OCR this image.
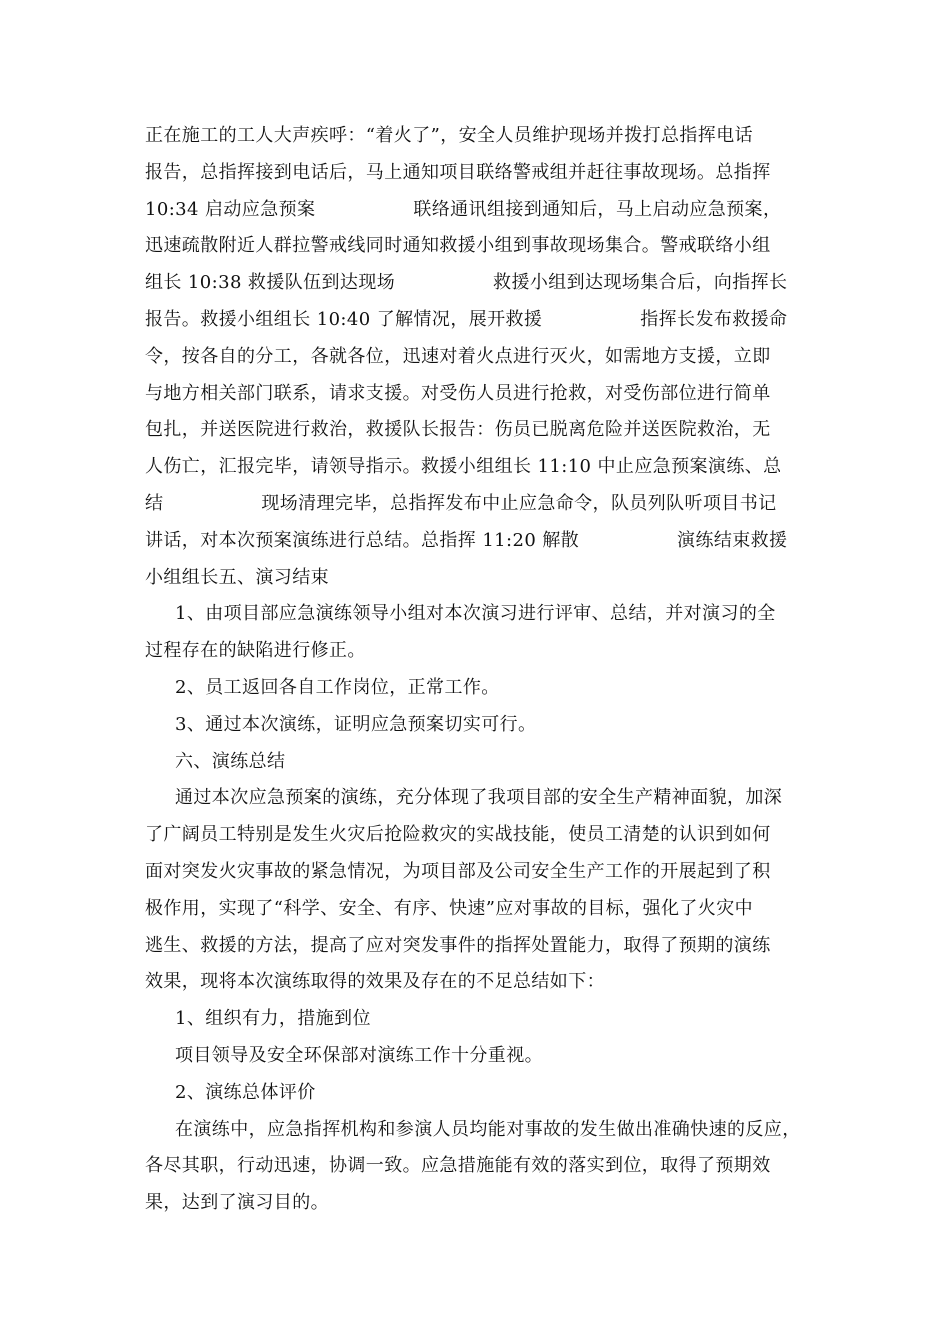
正在施工的工人大声疾呼：“着火了”，安全人员维护现场并拨打总指挥电话
报告，总指挥接到电话后，马上通知项目联络警戒组并赶往事故现场。总指挥
10:34 启动应急预案                联络通讯组接到通知后，马上启动应急预案，
迅速疏散附近人群拉警戒线同时通知救援小组到事故现场集合。警戒联络小组
组长 10:38 救援队伍到达现场                救援小组到达现场集合后，向指挥长
报告。救援小组组长 10:40 了解情况，展开救援                指挥长发布救援命
令，按各自的分工，各就各位，迅速对着火点进行灭火，如需地方支援，立即
与地方相关部门联系，请求支援。对受伤人员进行抢救，对受伤部位进行简单
包扎，并送医院进行救治，救援队长报告：伤员已脱离危险并送医院救治，无
人伤亡，汇报完毕，请领导指示。救援小组组长 11:10 中止应急预案演练、总
结                现场清理完毕，总指挥发布中止应急命令，队员列队听项目书记
讲话，对本次预案演练进行总结。总指挥 11:20 解散                演练结束救援
小组组长五、演习结束
1、由项目部应急演练领导小组对本次演习进行评审、总结，并对演习的全
过程存在的缺陷进行修正。
2、员工返回各自工作岗位，正常工作。
3、通过本次演练，证明应急预案切实可行。
六、演练总结
通过本次应急预案的演练，充分体现了我项目部的安全生产精神面貌，加深
了广阔员工特别是发生火灾后抢险救灾的实战技能，使员工清楚的认识到如何
面对突发火灾事故的紧急情况，为项目部及公司安全生产工作的开展起到了积
极作用，实现了“科学、安全、有序、快速”应对事故的目标，强化了火灾中
逃生、救援的方法，提高了应对突发事件的指挥处置能力，取得了预期的演练
效果，现将本次演练取得的效果及存在的不足总结如下：
1、组织有力，措施到位
项目领导及安全环保部对演练工作十分重视。
2、演练总体评价
在演练中，应急指挥机构和参演人员均能对事故的发生做出准确快速的反应，
各尽其职，行动迅速，协调一致。应急措施能有效的落实到位，取得了预期效
果，达到了演习目的。
